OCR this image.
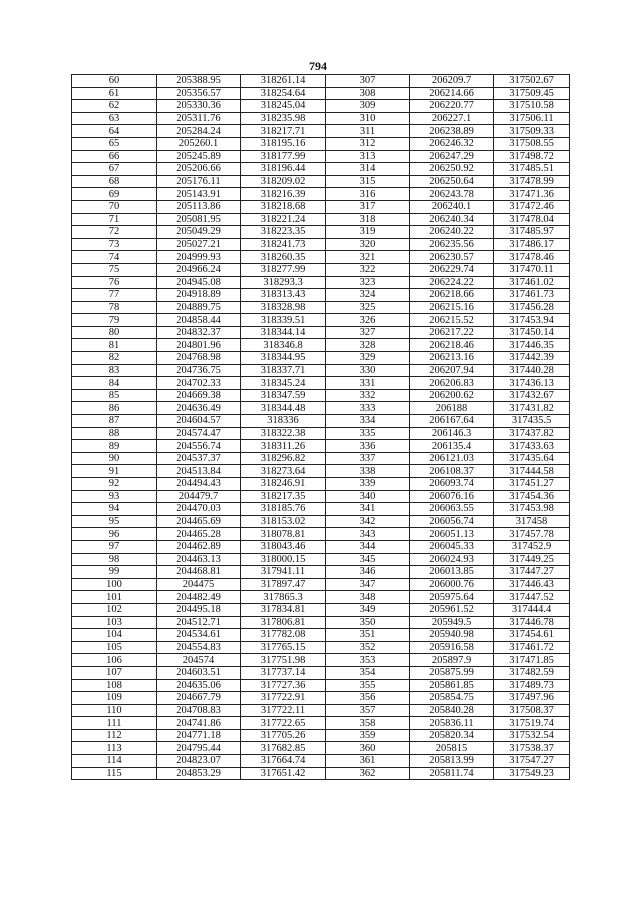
794
60	205388.95	318261.14	307	206209.7	317502.67
61	205356.57	318254.64	308	206214.66	317509.45
62	205330.36	318245.04	309	206220.77	317510.58
63	205311.76	318235.98	310	206227.1	317506.11
64	205284.24	318217.71	311	206238.89	317509.33
65	205260.1	318195.16	312	206246.32	317508.55
66	205245.89	318177.99	313	206247.29	317498.72
67	205206.66	318196.44	314	206250.92	317485.51
68	205176.11	318209.02	315	206250.64	317478.99
69	205143.91	318216.39	316	206243.78	317471.36
70	205113.86	318218.68	317	206240.1	317472.46
71	205081.95	318221.24	318	206240.34	317478.04
72	205049.29	318223.35	319	206240.22	317485.97
73	205027.21	318241.73	320	206235.56	317486.17
74	204999.93	318260.35	321	206230.57	317478.46
75	204966.24	318277.99	322	206229.74	317470.11
76	204945.08	318293.3	323	206224.22	317461.02
77	204918.89	318313.43	324	206218.66	317461.73
78	204889.75	318328.98	325	206215.16	317456.28
79	204858.44	318339.51	326	206215.52	317453.94
80	204832.37	318344.14	327	206217.22	317450.14
81	204801.96	318346.8	328	206218.46	317446.35
82	204768.98	318344.95	329	206213.16	317442.39
83	204736.75	318337.71	330	206207.94	317440.28
84	204702.33	318345.24	331	206206.83	317436.13
85	204669.38	318347.59	332	206200.62	317432.67
86	204636.49	318344.48	333	206188	317431.82
87	204604.57	318336	334	206167.64	317435.5
88	204574.47	318322.38	335	206146.3	317437.82
89	204556.74	318311.26	336	206135.4	317433.63
90	204537.37	318296.82	337	206121.03	317435.64
91	204513.84	318273.64	338	206108.37	317444.58
92	204494.43	318246.91	339	206093.74	317451.27
93	204479.7	318217.35	340	206076.16	317454.36
94	204470.03	318185.76	341	206063.55	317453.98
95	204465.69	318153.02	342	206056.74	317458
96	204465.28	318078.81	343	206051.13	317457.78
97	204462.89	318043.46	344	206045.33	317452.9
98	204463.13	318000.15	345	206024.93	317449.25
99	204468.81	317941.11	346	206013.85	317447.27
100	204475	317897.47	347	206000.76	317446.43
101	204482.49	317865.3	348	205975.64	317447.52
102	204495.18	317834.81	349	205961.52	317444.4
103	204512.71	317806.81	350	205949.5	317446.78
104	204534.61	317782.08	351	205940.98	317454.61
105	204554.83	317765.15	352	205916.58	317461.72
106	204574	317751.98	353	205897.9	317471.85
107	204603.51	317737.14	354	205875.99	317482.59
108	204635.06	317727.36	355	205861.85	317489.73
109	204667.79	317722.91	356	205854.75	317497.96
110	204708.83	317722.11	357	205840.28	317508.37
111	204741.86	317722.65	358	205836.11	317519.74
112	204771.18	317705.26	359	205820.34	317532.54
113	204795.44	317682.85	360	205815	317538.37
114	204823.07	317664.74	361	205813.99	317547.27
115	204853.29	317651.42	362	205811.74	317549.23
